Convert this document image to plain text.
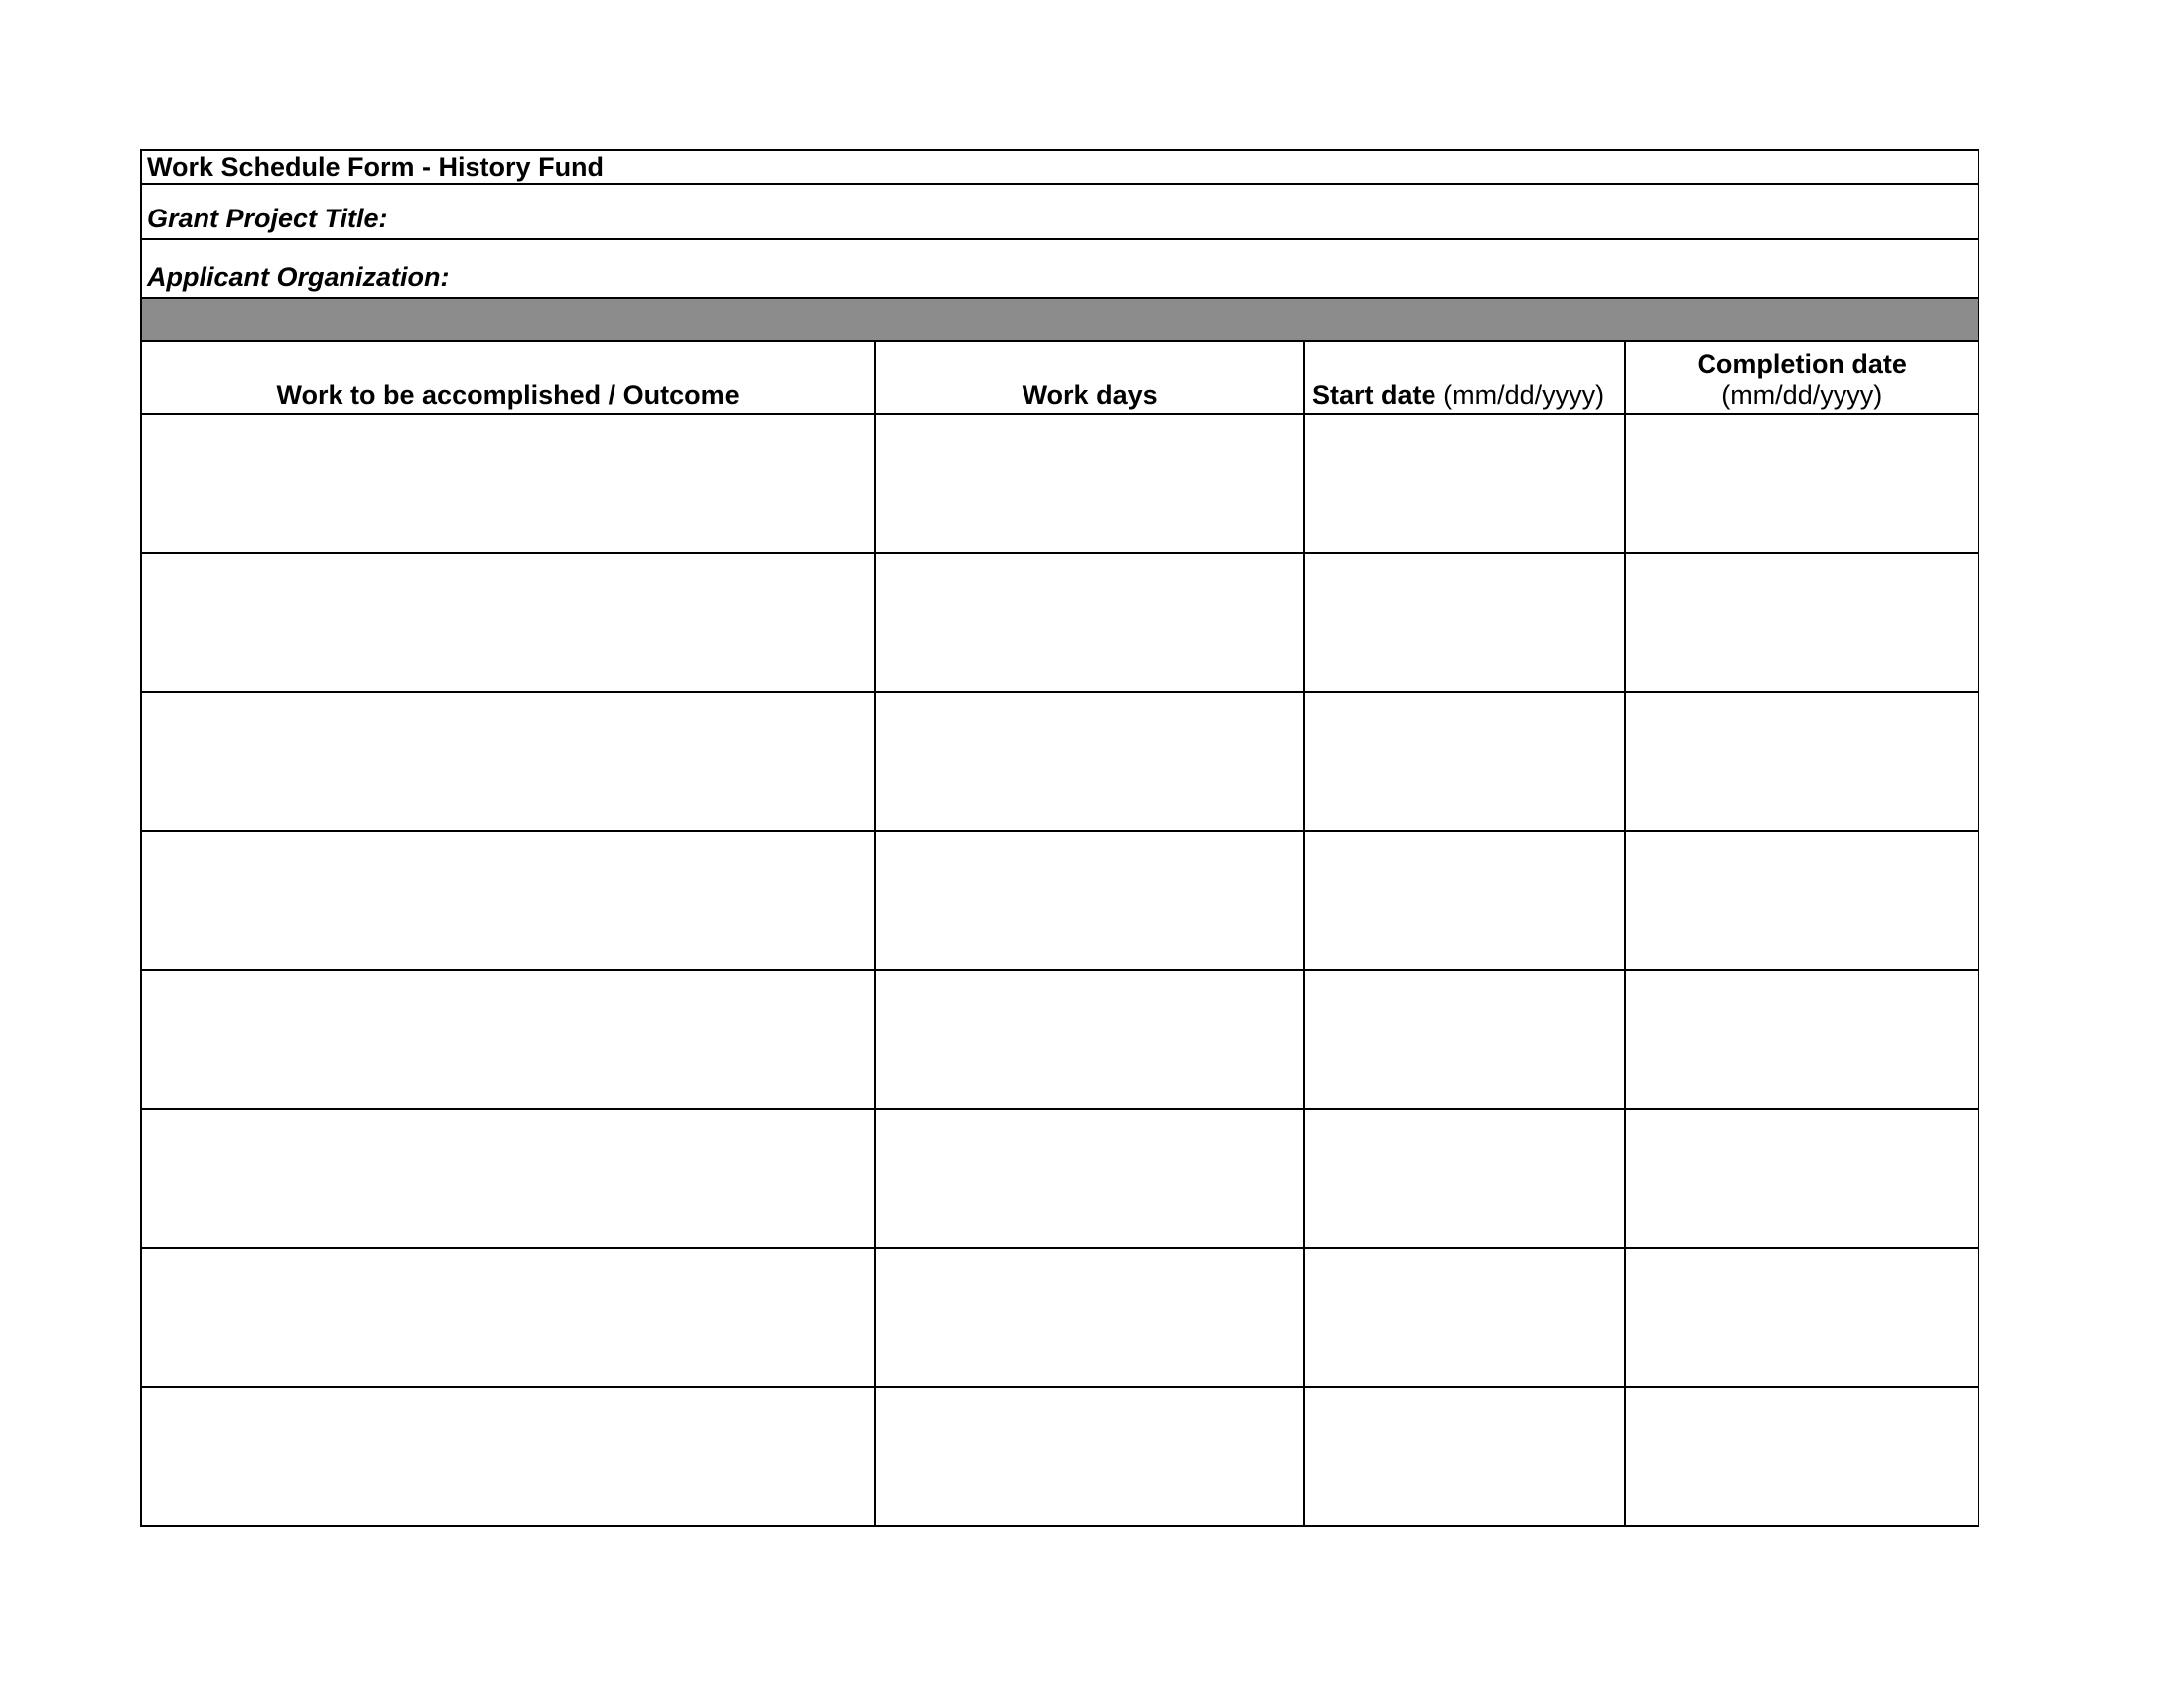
Work Schedule Form - History Fund			
Grant Project Title:			
Applicant Organization:			

Work to be accomplished / Outcome	Work days	Start date (mm/dd/yyyy)	Completion date
(mm/dd/yyyy)
